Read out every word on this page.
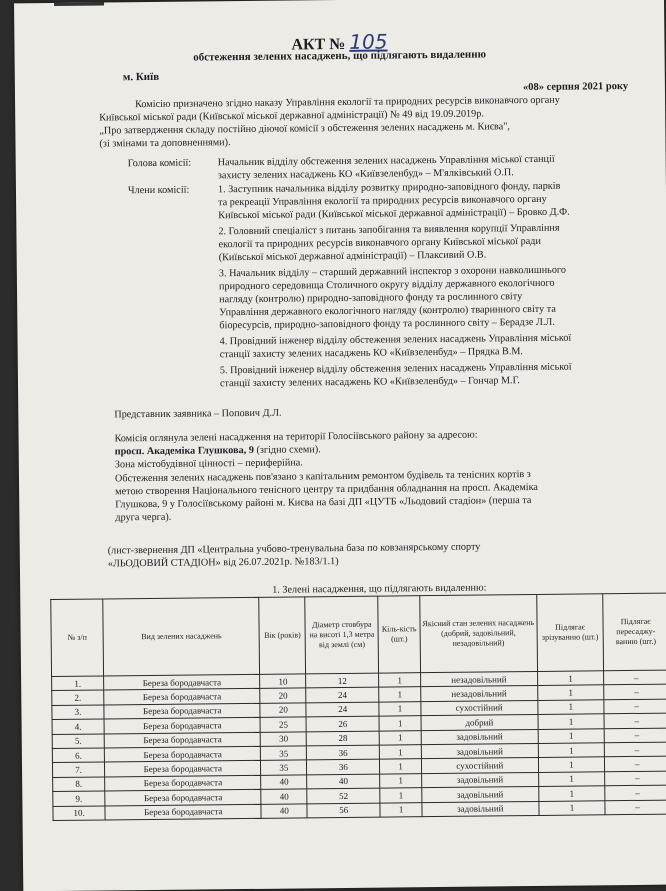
АКТ № 105
обстеження зелених насаджень, що підлягають видаленню
м. Київ
«08» серпня 2021 року
Комісію призначено згідно наказу Управління екології та природних ресурсів виконавчого органу
Київської міської ради (Київської міської державної адміністрації) № 49 від 19.09.2019р.
„Про затвердження складу постійно діючої комісії з обстеження зелених насаджень м. Києва",
(зі змінами та доповненнями).
Голова комісії:	Начальник відділу обстеження зелених насаджень Управління міської станції
захисту зелених насаджень КО «Київзеленбуд» – М'ялківський О.П.
Члени комісії:	1. Заступник начальника відділу розвитку природно-заповідного фонду, парків
та рекреації Управління екології та природних ресурсів виконавчого органу
Київської міської ради (Київської міської державної адміністрації) – Бровко Д.Ф.
2. Головний спеціаліст з питань запобігання та виявлення корупції Управління
екології та природних ресурсів виконавчого органу Київської міської ради
(Київської міської державної адміністрації) – Плаксивий О.В.
3. Начальник відділу – старший державний інспектор з охорони навколишнього
природного середовища Столичного округу відділу державного екологічного
нагляду (контролю) природно-заповідного фонду та рослинного світу
Управління державного екологічного нагляду (контролю) тваринного світу та
біоресурсів, природно-заповідного фонду та рослинного світу – Берадзе Л.Л.
4. Провідний інженер відділу обстеження зелених насаджень Управління міської
станції захисту зелених насаджень КО «Київзеленбуд» – Прядка В.М.
5. Провідний інженер відділу обстеження зелених насаджень Управління міської
станції захисту зелених насаджень КО «Київзеленбуд» – Гончар М.Г.
Представник заявника – Попович Д.Л.
Комісія оглянула зелені насадження на території Голосіївського району за адресою:
просп. Академіка Глушкова, 9 (згідно схеми).
Зона містобудівної цінності – периферійна.
Обстеження зелених насаджень пов'язано з капітальним ремонтом будівель та тенісних кортів з
метою створення Національного тенісного центру та придбання обладнання на просп. Академіка
Глушкова, 9 у Голосіївському районі м. Києва на базі ДП «ЦУТБ «Льодовий стадіон» (перша та
друга черга).
(лист-звернення ДП «Центральна учбово-тренувальна база по ковзанярському спорту
«ЛЬОДОВИЙ СТАДІОН» від 26.07.2021р. №183/1.1)
1. Зелені насадження, що підлягають видаленню:
№ з/п	Вид зелених насаджень	Вік (років)	Діаметр стовбура на висоті 1,3 метра від землі (см)	Кіль-кість (шт.)	Якісний стан зелених насаджень (добрий, задовільний, незадовільний)	Підлягає зрізуванню (шт.)	Підлягає пересаджу-ванню (шт.)
1.	Береза бородавчаста	10	12	1	незадовільний	1	–
2.	Береза бородавчаста	20	24	1	незадовільний	1	–
3.	Береза бородавчаста	20	24	1	сухостійний	1	–
4.	Береза бородавчаста	25	26	1	добрий	1	–
5.	Береза бородавчаста	30	28	1	задовільний	1	–
6.	Береза бородавчаста	35	36	1	задовільний	1	–
7.	Береза бородавчаста	35	36	1	сухостійний	1	–
8.	Береза бородавчаста	40	40	1	задовільний	1	–
9.	Береза бородавчаста	40	52	1	задовільний	1	–
10.	Береза бородавчаста	40	56	1	задовільний	1	–
